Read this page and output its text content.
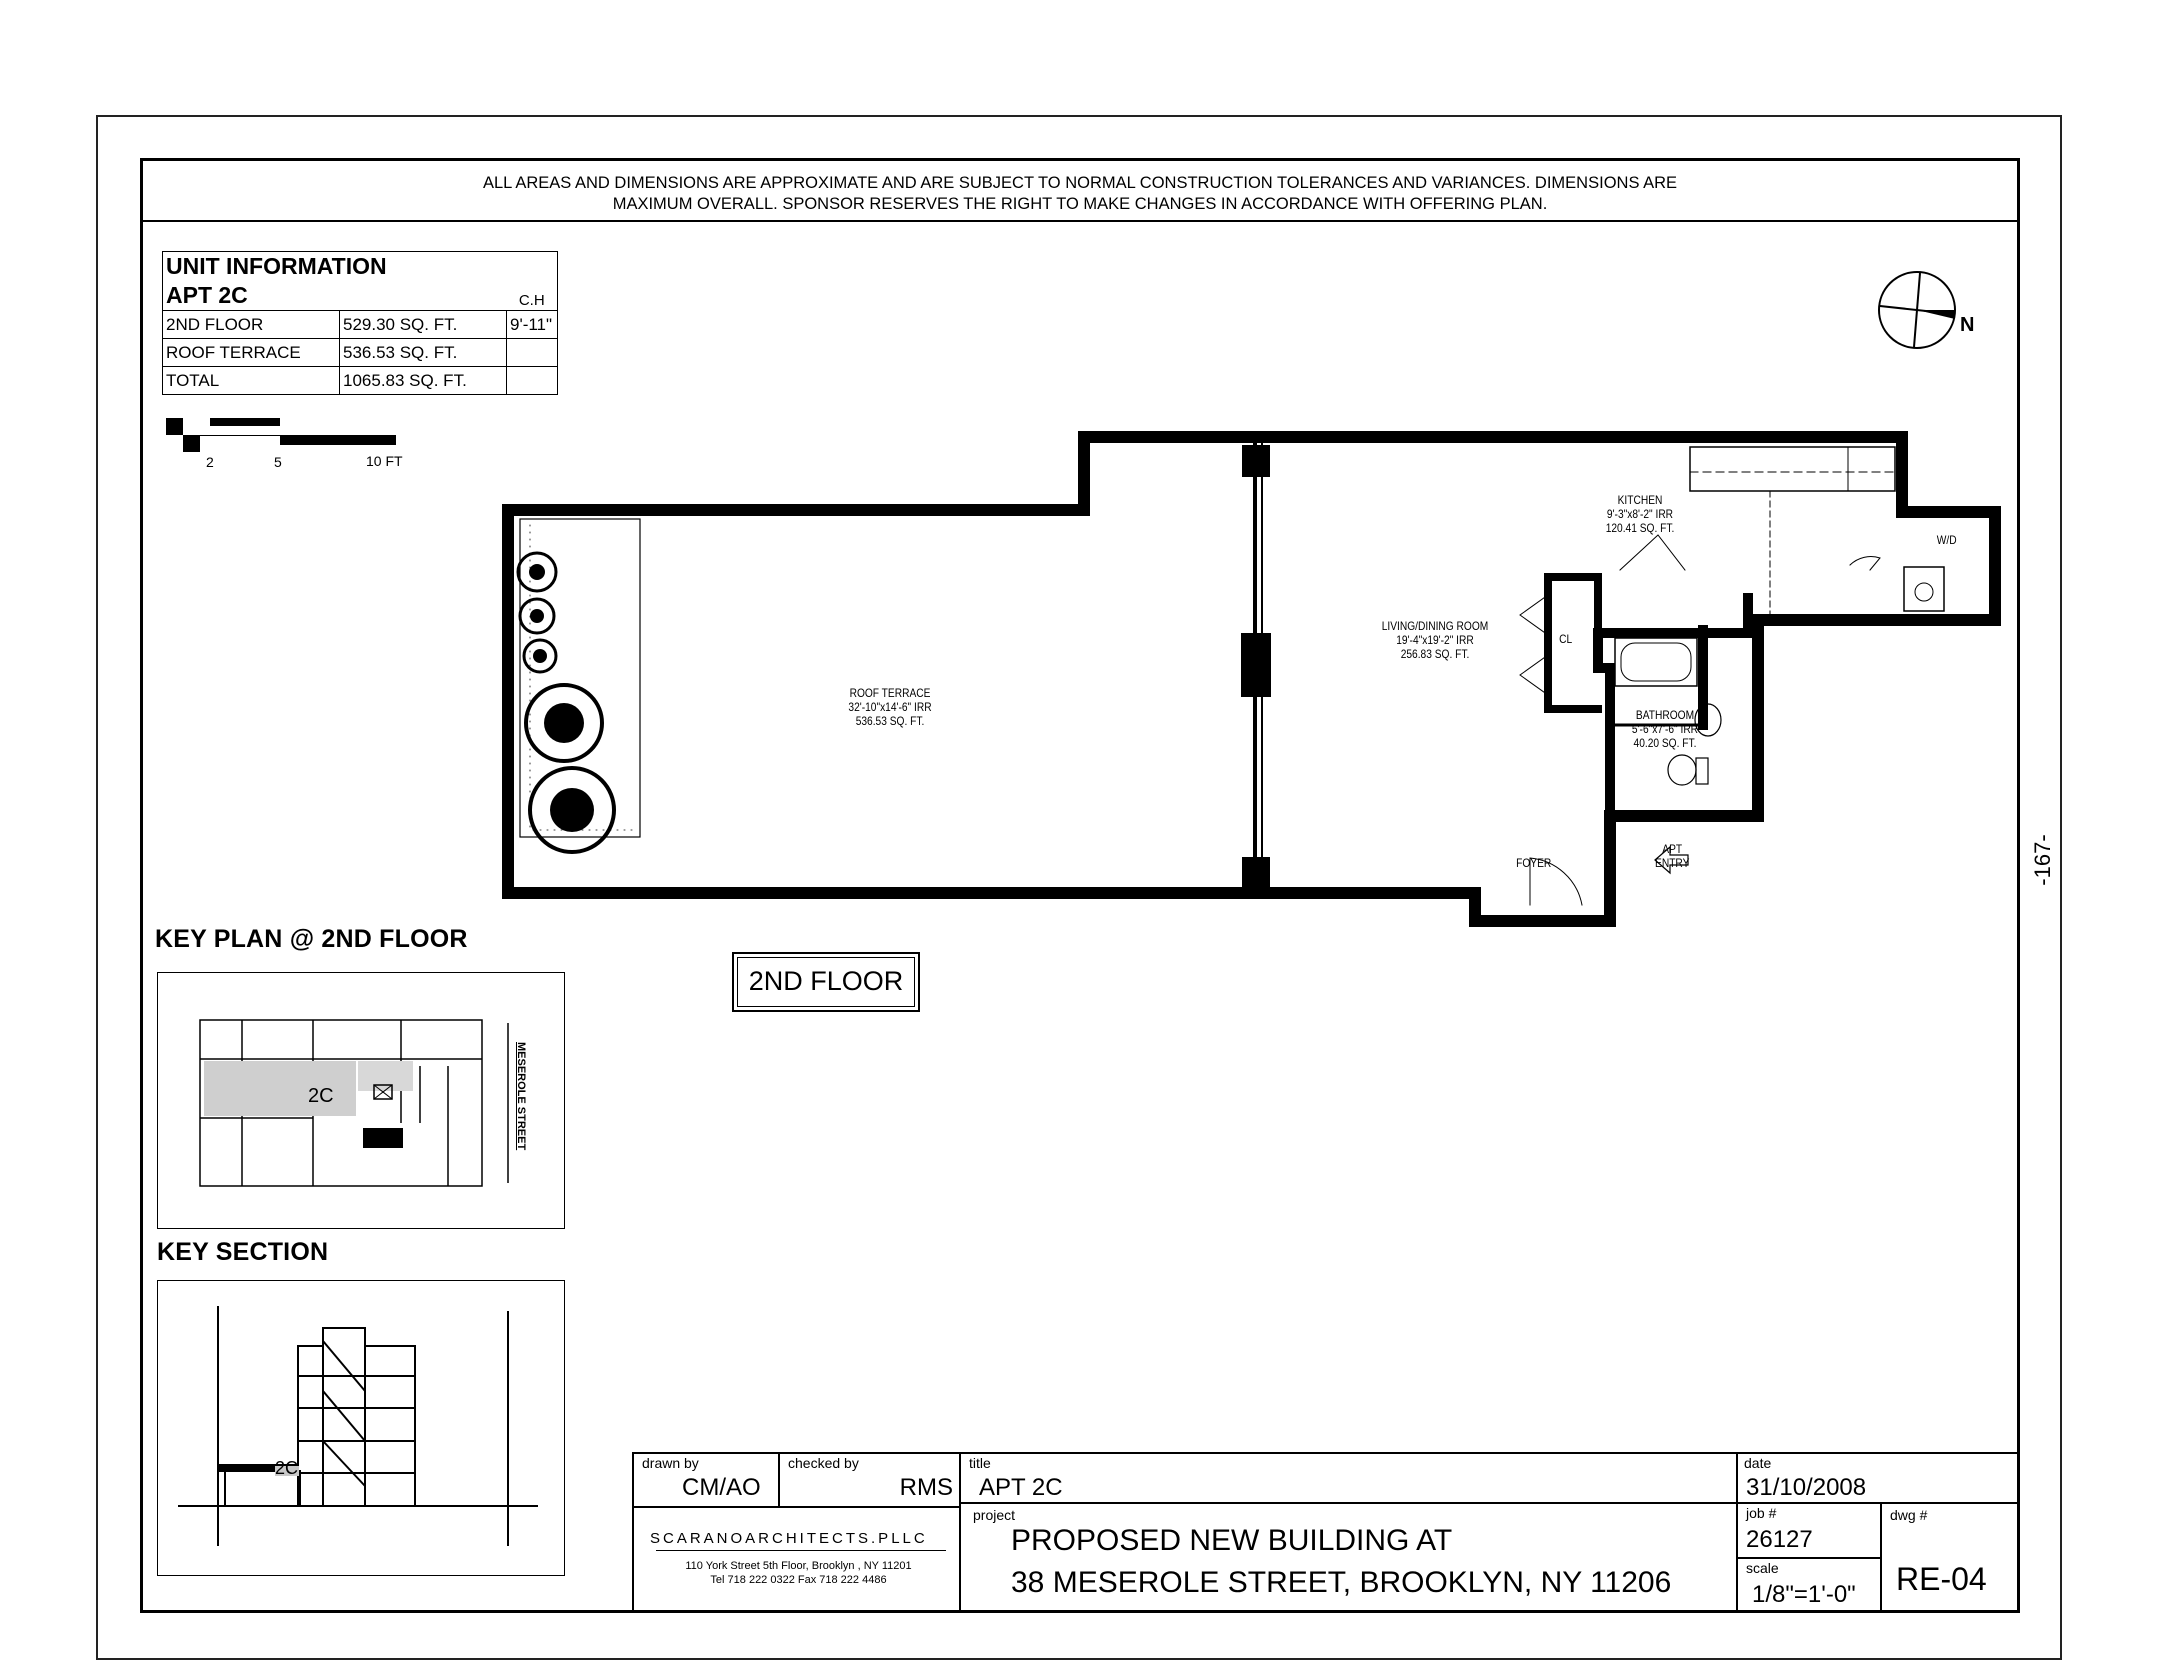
ALL AREAS AND DIMENSIONS ARE APPROXIMATE AND ARE SUBJECT TO NORMAL CONSTRUCTION TOLERANCES AND VARIANCES. DIMENSIONS ARE
MAXIMUM OVERALL. SPONSOR RESERVES THE RIGHT TO MAKE CHANGES IN ACCORDANCE WITH OFFERING PLAN.
UNIT INFORMATION		
APT 2C		C.H
2ND FLOOR	529.30 SQ. FT.	9'-11"
ROOF TERRACE	536.53 SQ. FT.	
TOTAL	1065.83 SQ. FT.	
2	5	10 FT
N
ROOF TERRACE
32'-10"x14'-6" IRR
536.53 SQ. FT.
LIVING/DINING ROOM
19'-4"x19'-2" IRR
256.83 SQ. FT.
KITCHEN
9'-3"x8'-2" IRR
120.41 SQ. FT.
BATHROOM
5'-6"x7'-6" IRR
40.20 SQ. FT.
CL
W/D
FOYER
APT
ENTRY
2ND FLOOR
-167-
KEY PLAN @ 2ND FLOOR
2C	MESEROLE STREET
KEY SECTION
2C	drawn by
CM/AO
checked by
RMS
title
APT 2C
date
31/10/2008
SCARANOARCHITECTS.PLLC
110 York Street 5th Floor, Brooklyn , NY 11201
Tel 718 222 0322 Fax 718 222 4486
project
PROPOSED NEW BUILDING AT
38 MESEROLE STREET, BROOKLYN, NY 11206
job #
26127
scale
1/8"=1'-0"
dwg #
RE-04
